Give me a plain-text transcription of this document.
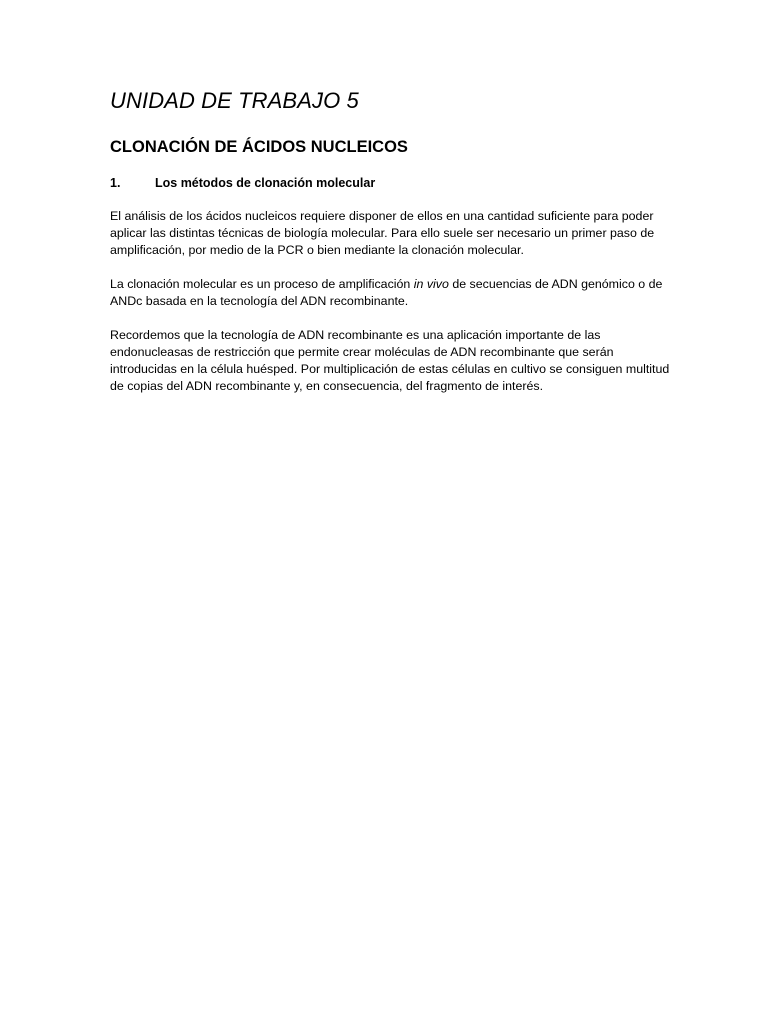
UNIDAD DE TRABAJO 5
CLONACIÓN DE ÁCIDOS NUCLEICOS
1.	Los métodos de clonación molecular

El análisis de los ácidos nucleicos requiere disponer de ellos en una cantidad suficiente para poder aplicar las distintas técnicas de biología molecular. Para ello suele ser necesario un primer paso de amplificación, por medio de la PCR o bien mediante la clonación molecular.

La clonación molecular es un proceso de amplificación in vivo de secuencias de ADN genómico o de ANDc basada en la tecnología del ADN recombinante.

Recordemos que la tecnología de ADN recombinante es una aplicación importante de las endonucleasas de restricción que permite crear moléculas de ADN recombinante que serán introducidas en la célula huésped. Por multiplicación de estas células en cultivo se consiguen multitud de copias del ADN recombinante y, en consecuencia, del fragmento de interés.
